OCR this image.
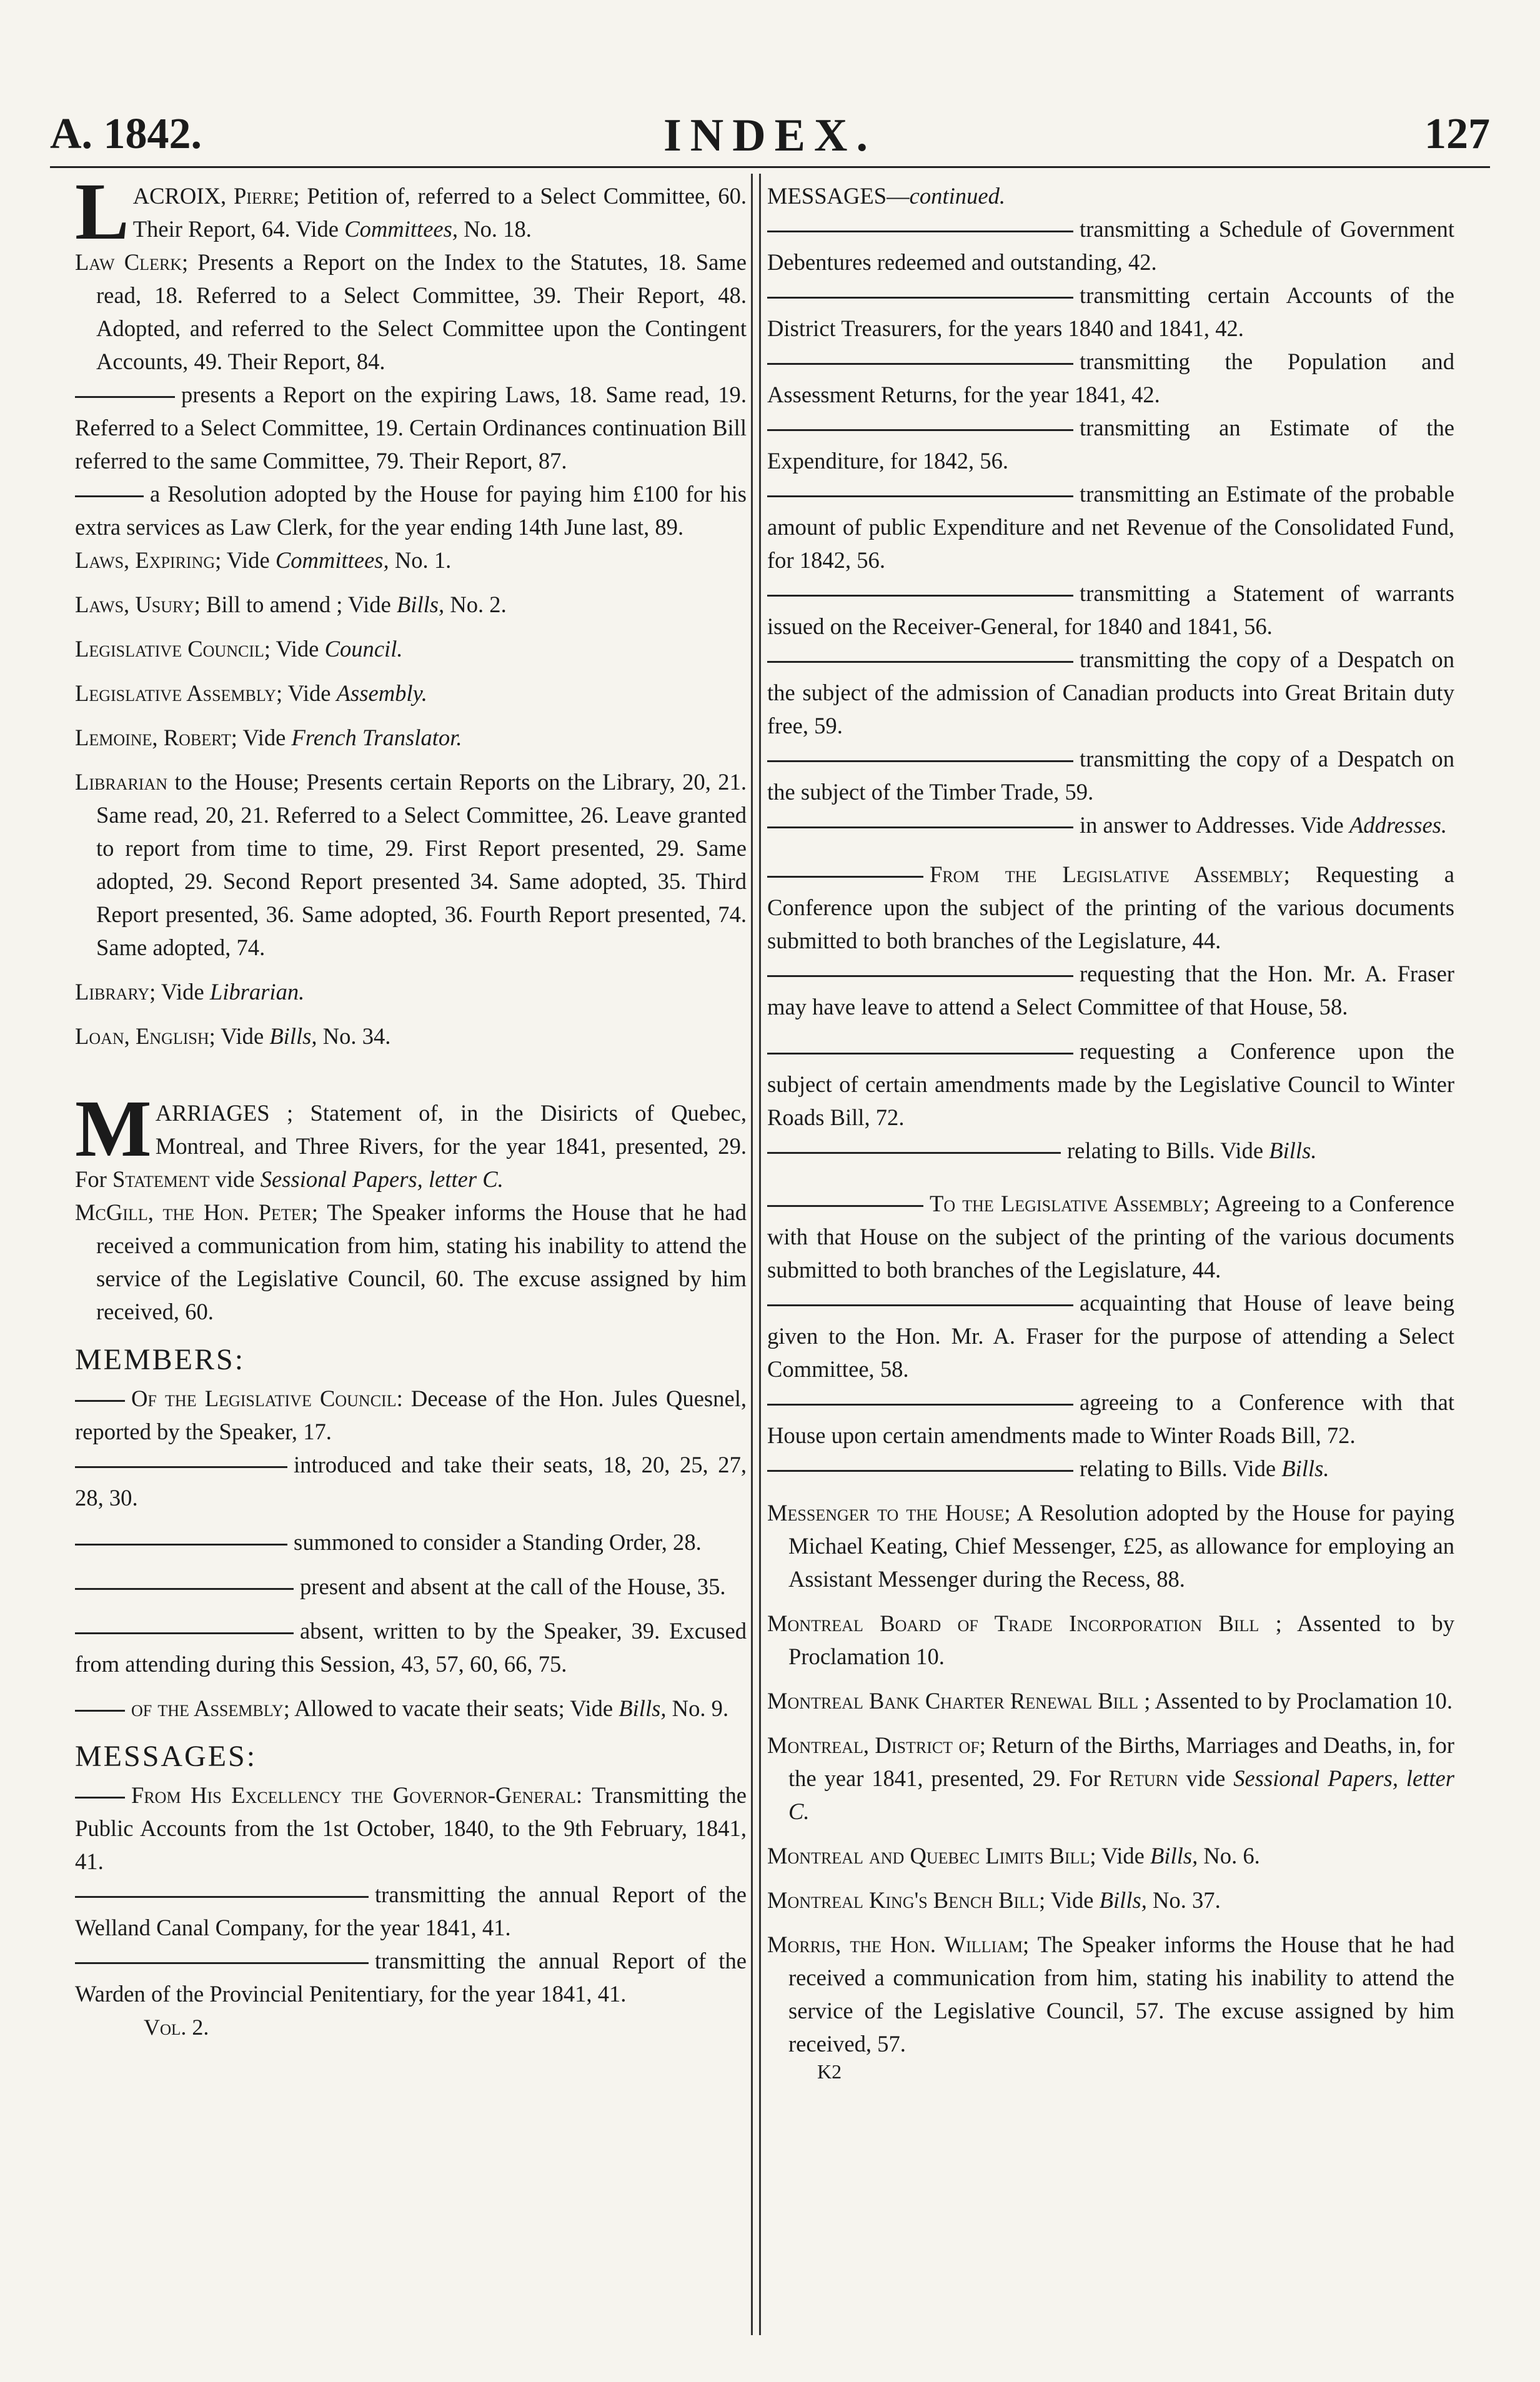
A. 1842.	INDEX.	127

LACROIX, Pierre; Petition of, referred to a Select Committee, 60. Their Report, 64. Vide Committees, No. 18.

Law Clerk; Presents a Report on the Index to the Statutes, 18. Same read, 18. Referred to a Select Committee, 39. Their Report, 48. Adopted, and referred to the Select Committee upon the Contingent Accounts, 49. Their Report, 84.

presents a Report on the expiring Laws, 18. Same read, 19. Referred to a Select Committee, 19. Certain Ordinances continuation Bill referred to the same Committee, 79. Their Report, 87.

a Resolution adopted by the House for paying him £100 for his extra services as Law Clerk, for the year ending 14th June last, 89.

Laws, Expiring; Vide Committees, No. 1.

Laws, Usury; Bill to amend ; Vide Bills, No. 2.

Legislative Council; Vide Council.

Legislative Assembly; Vide Assembly.

Lemoine, Robert; Vide French Translator.

Librarian to the House; Presents certain Reports on the Library, 20, 21. Same read, 20, 21. Referred to a Select Committee, 26. Leave granted to report from time to time, 29. First Report presented, 29. Same adopted, 29. Second Report presented 34. Same adopted, 35. Third Report presented, 36. Same adopted, 36. Fourth Report presented, 74. Same adopted, 74.

Library; Vide Librarian.

Loan, English; Vide Bills, No. 34.

MARRIAGES ; Statement of, in the Disiricts of Quebec, Montreal, and Three Rivers, for the year 1841, presented, 29. For Statement vide Sessional Papers, letter C.

McGill, the Hon. Peter; The Speaker informs the House that he had received a communication from him, stating his inability to attend the service of the Legislative Council, 60. The excuse assigned by him received, 60.

MEMBERS:

Of the Legislative Council: Decease of the Hon. Jules Quesnel, reported by the Speaker, 17.

introduced and take their seats, 18, 20, 25, 27, 28, 30.

summoned to consider a Standing Order, 28.

present and absent at the call of the House, 35.

absent, written to by the Speaker, 39. Excused from attending during this Session, 43, 57, 60, 66, 75.

of the Assembly; Allowed to vacate their seats; Vide Bills, No. 9.

MESSAGES:

From His Excellency the Governor-General: Transmitting the Public Accounts from the 1st October, 1840, to the 9th February, 1841, 41.

transmitting the annual Report of the Welland Canal Company, for the year 1841, 41.

transmitting the annual Report of the Warden of the Provincial Penitentiary, for the year 1841, 41.

Vol. 2.

MESSAGES—continued.

transmitting a Schedule of Government Debentures redeemed and outstanding, 42.

transmitting certain Accounts of the District Treasurers, for the years 1840 and 1841, 42.

transmitting the Population and Assessment Returns, for the year 1841, 42.

transmitting an Estimate of the Expenditure, for 1842, 56.

transmitting an Estimate of the probable amount of public Expenditure and net Revenue of the Consolidated Fund, for 1842, 56.

transmitting a Statement of warrants issued on the Receiver-General, for 1840 and 1841, 56.

transmitting the copy of a Despatch on the subject of the admission of Canadian products into Great Britain duty free, 59.

transmitting the copy of a Despatch on the subject of the Timber Trade, 59.

in answer to Addresses. Vide Addresses.

From the Legislative Assembly; Requesting a Conference upon the subject of the printing of the various documents submitted to both branches of the Legislature, 44.

requesting that the Hon. Mr. A. Fraser may have leave to attend a Select Committee of that House, 58.

requesting a Conference upon the subject of certain amendments made by the Legislative Council to Winter Roads Bill, 72.

relating to Bills. Vide Bills.

To the Legislative Assembly; Agreeing to a Conference with that House on the subject of the printing of the various documents submitted to both branches of the Legislature, 44.

acquainting that House of leave being given to the Hon. Mr. A. Fraser for the purpose of attending a Select Committee, 58.

agreeing to a Conference with that House upon certain amendments made to Winter Roads Bill, 72.

relating to Bills. Vide Bills.

Messenger to the House; A Resolution adopted by the House for paying Michael Keating, Chief Messenger, £25, as allowance for employing an Assistant Messenger during the Recess, 88.

Montreal Board of Trade Incorporation Bill ; Assented to by Proclamation 10.

Montreal Bank Charter Renewal Bill ; Assented to by Proclamation 10.

Montreal, District of; Return of the Births, Marriages and Deaths, in, for the year 1841, presented, 29. For Return vide Sessional Papers, letter C.

Montreal and Quebec Limits Bill; Vide Bills, No. 6.

Montreal King's Bench Bill; Vide Bills, No. 37.

Morris, the Hon. William; The Speaker informs the House that he had received a communication from him, stating his inability to attend the service of the Legislative Council, 57. The excuse assigned by him received, 57.

K2
